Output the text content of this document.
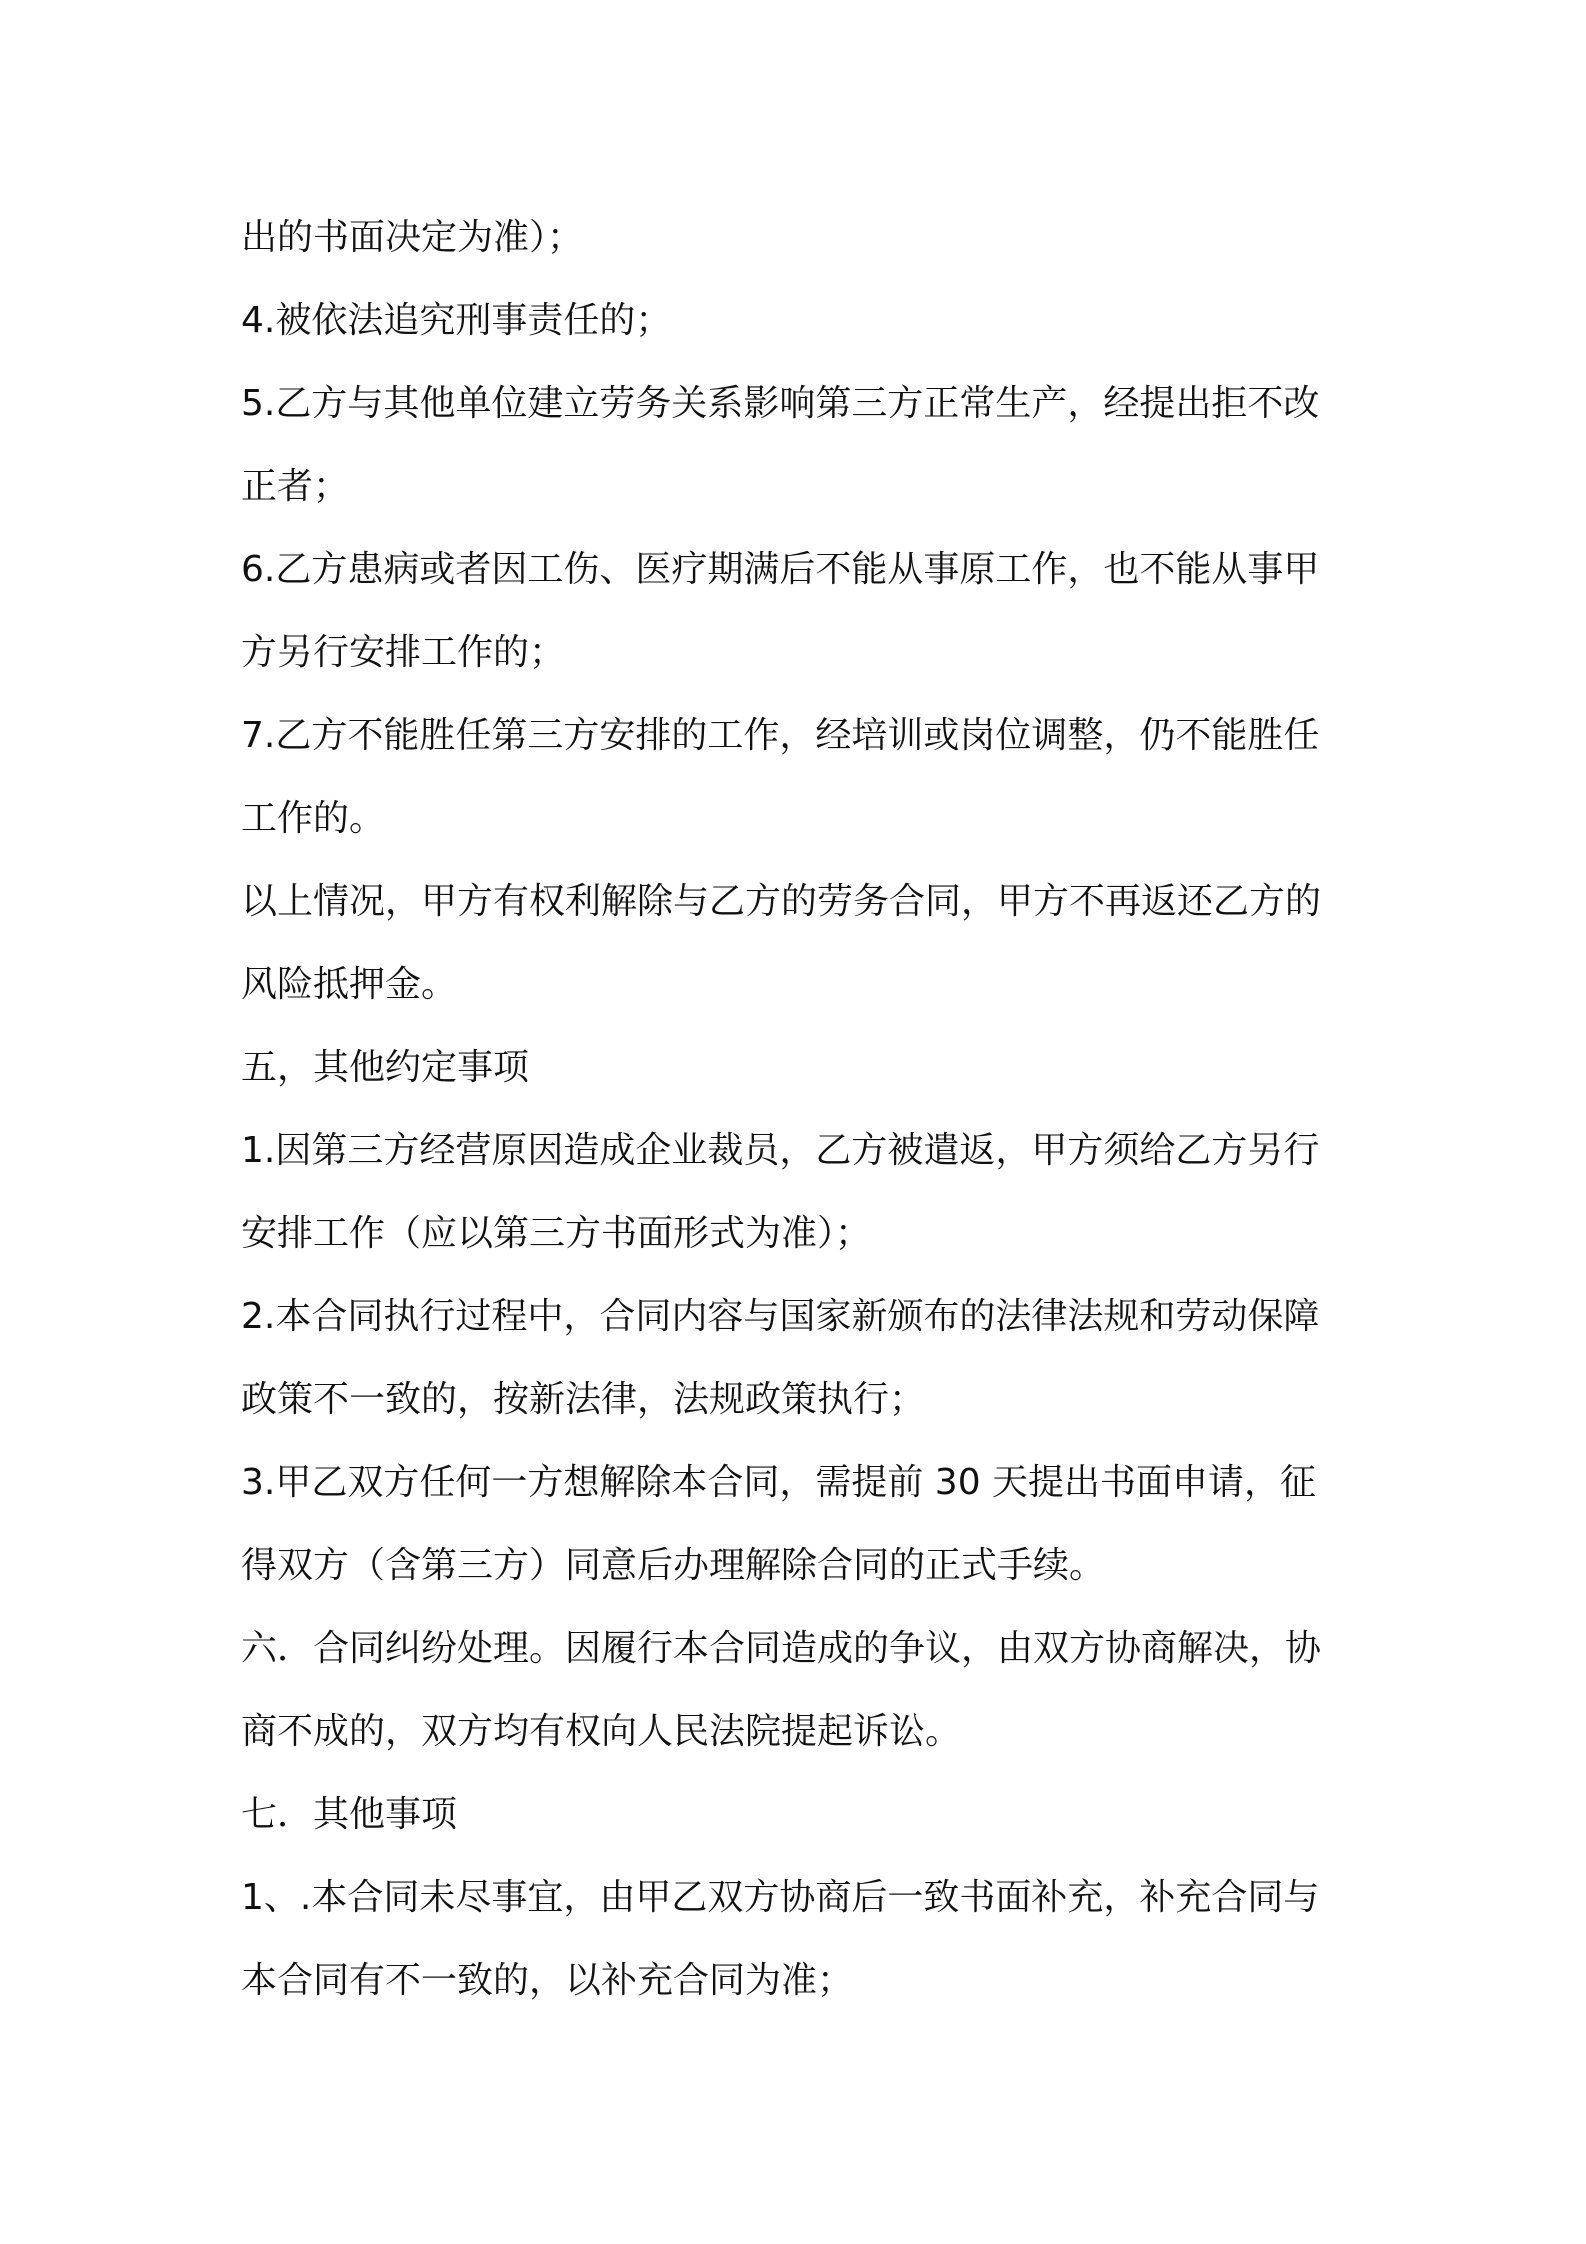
出的书面决定为准）；

4.被依法追究刑事责任的；

5.乙方与其他单位建立劳务关系影响第三方正常生产，经提出拒不改

正者；

6.乙方患病或者因工伤、医疗期满后不能从事原工作，也不能从事甲

方另行安排工作的；

7.乙方不能胜任第三方安排的工作，经培训或岗位调整，仍不能胜任

工作的。

以上情况，甲方有权利解除与乙方的劳务合同，甲方不再返还乙方的

风险抵押金。

五，其他约定事项

1.因第三方经营原因造成企业裁员，乙方被遣返，甲方须给乙方另行

安排工作（应以第三方书面形式为准）；

2.本合同执行过程中，合同内容与国家新颁布的法律法规和劳动保障

政策不一致的，按新法律，法规政策执行；

3.甲乙双方任何一方想解除本合同，需提前 30 天提出书面申请，征

得双方（含第三方）同意后办理解除合同的正式手续。

六．合同纠纷处理。因履行本合同造成的争议，由双方协商解决，协

商不成的，双方均有权向人民法院提起诉讼。

七．其他事项

1、.本合同未尽事宜，由甲乙双方协商后一致书面补充，补充合同与

本合同有不一致的，以补充合同为准；
